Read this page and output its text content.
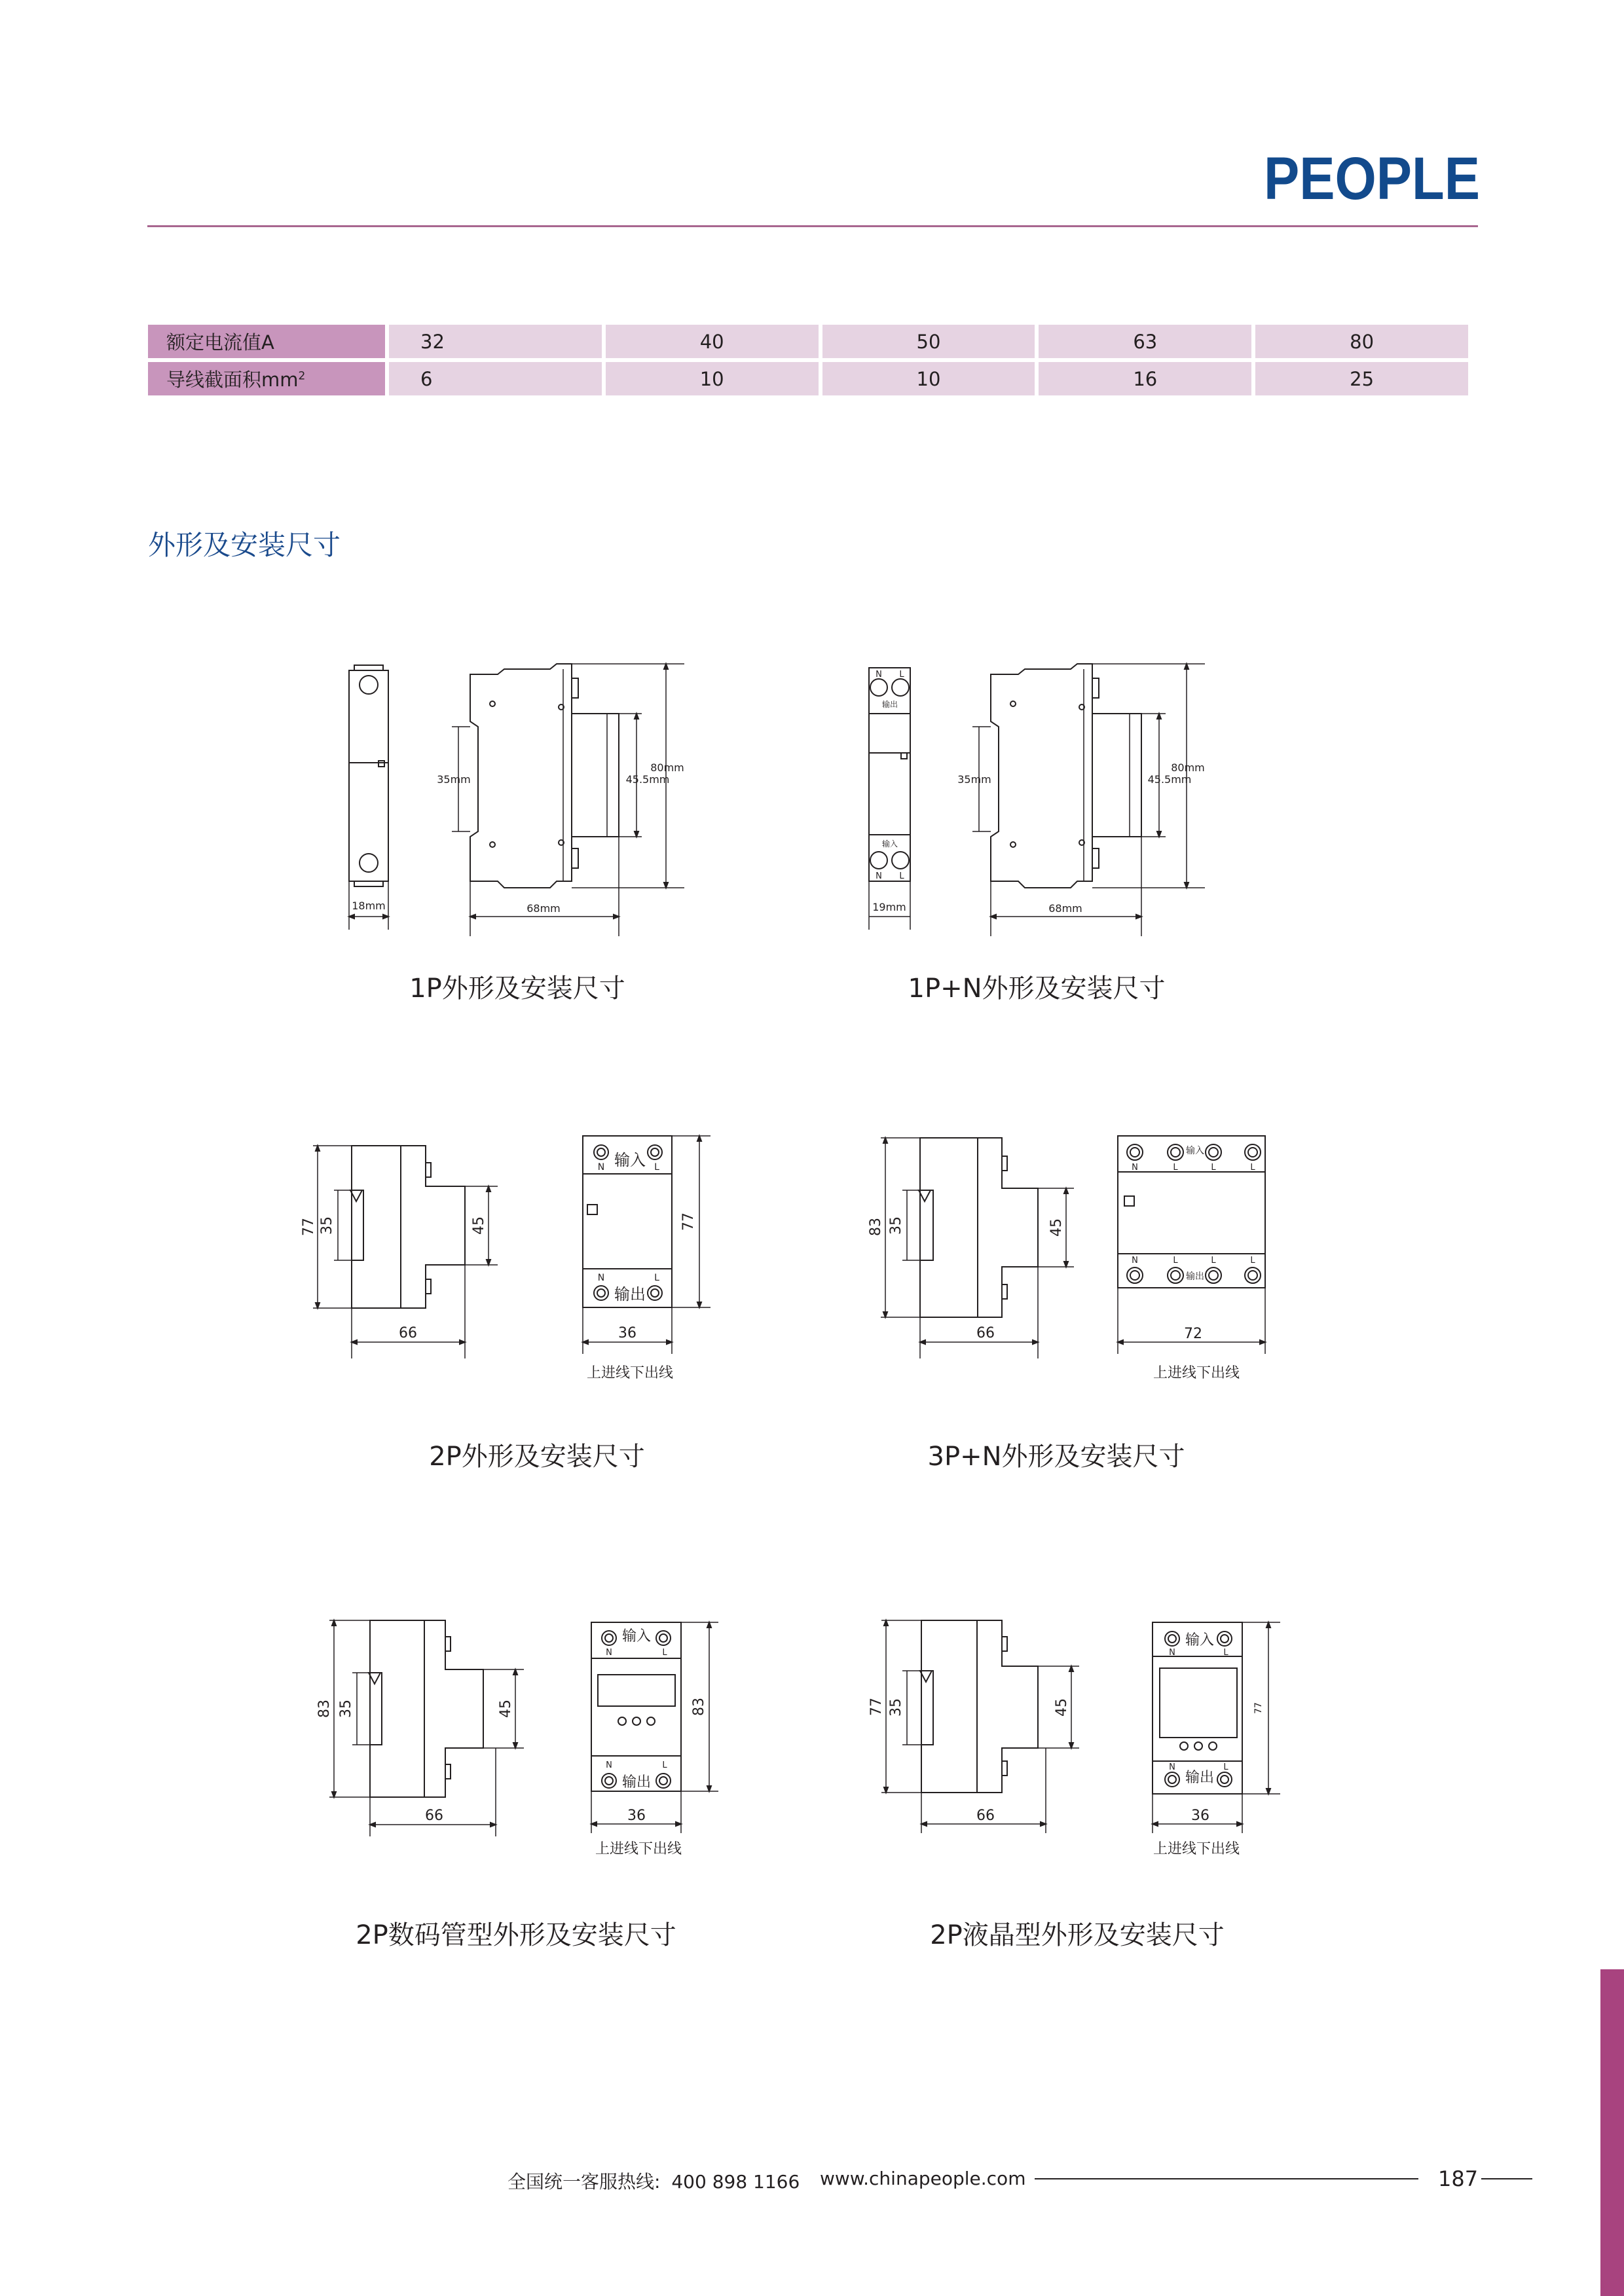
PEOPLE
额定电流值A	32	40	50	63	80
导线截面积$mm^2$	6	10	10	16	25
外形及安装尺寸
18mm
35mm	45.5mm
80mm
68mm
N L
输出
输入
N L
19mm
35mm	45.5mm
80mm
68mm
77 35	45
66
输入
N	L
输出
N	L
77
36
上进线下出线
83 35	45
66
输入
N	L	L	L
输出
N	L	L	L
72
上进线下出线
83 35	45
66
输入
N	L
输出
N	L
83
36
上进线下出线
77 35	45
66
输入
N	L
输出
N	L
77
36
上进线下出线
1P外形及安装尺寸	1P+N外形及安装尺寸
2P外形及安装尺寸	3P+N外形及安装尺寸
2P数码管型外形及安装尺寸	2P液晶型外形及安装尺寸
全国统一客服热线: 400 898 1166 www.chinapeople.com	187
